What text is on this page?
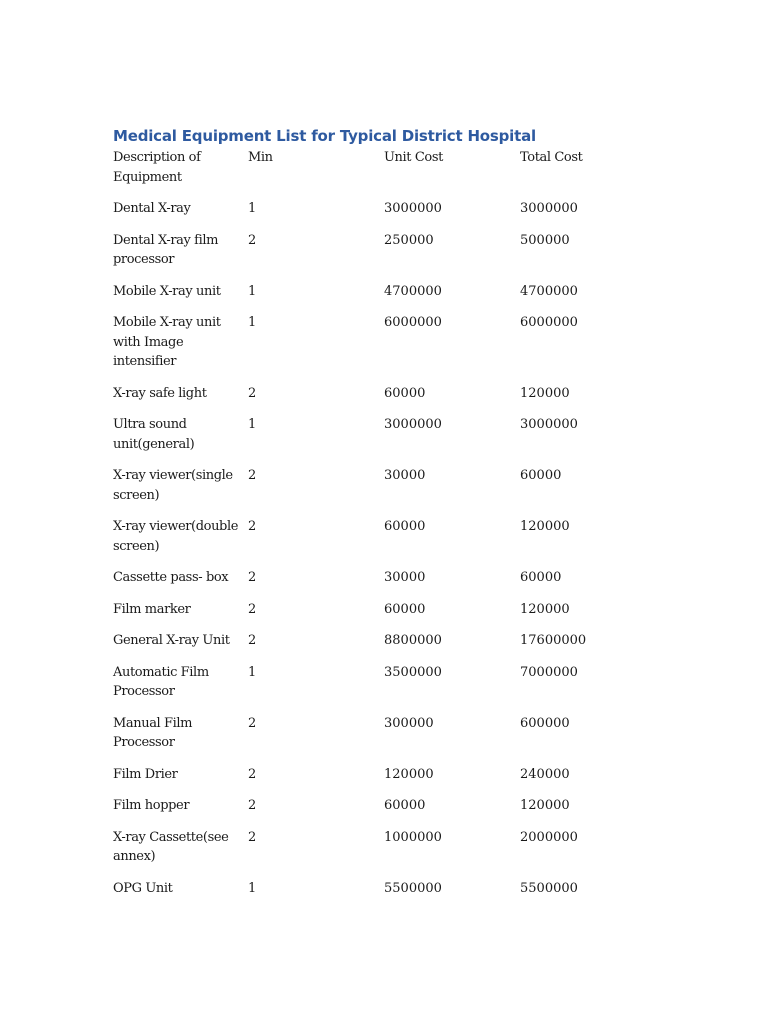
Medical Equipment List for Typical District Hospital
Description of Equipment	Min	Unit Cost	Total Cost
Dental X-ray	1	3000000	3000000
Dental X-ray film processor	2	250000	500000
Mobile X-ray unit	1	4700000	4700000
Mobile X-ray unit with Image intensifier	1	6000000	6000000
X-ray safe light	2	60000	120000
Ultra sound unit(general)	1	3000000	3000000
X-ray viewer(single screen)	2	30000	60000
X-ray viewer(double screen)	2	60000	120000
Cassette pass- box	2	30000	60000
Film marker	2	60000	120000
General X-ray Unit	2	8800000	17600000
Automatic Film Processor	1	3500000	7000000
Manual Film Processor	2	300000	600000
Film Drier	2	120000	240000
Film hopper	2	60000	120000
X-ray Cassette(see annex)	2	1000000	2000000
OPG Unit	1	5500000	5500000
